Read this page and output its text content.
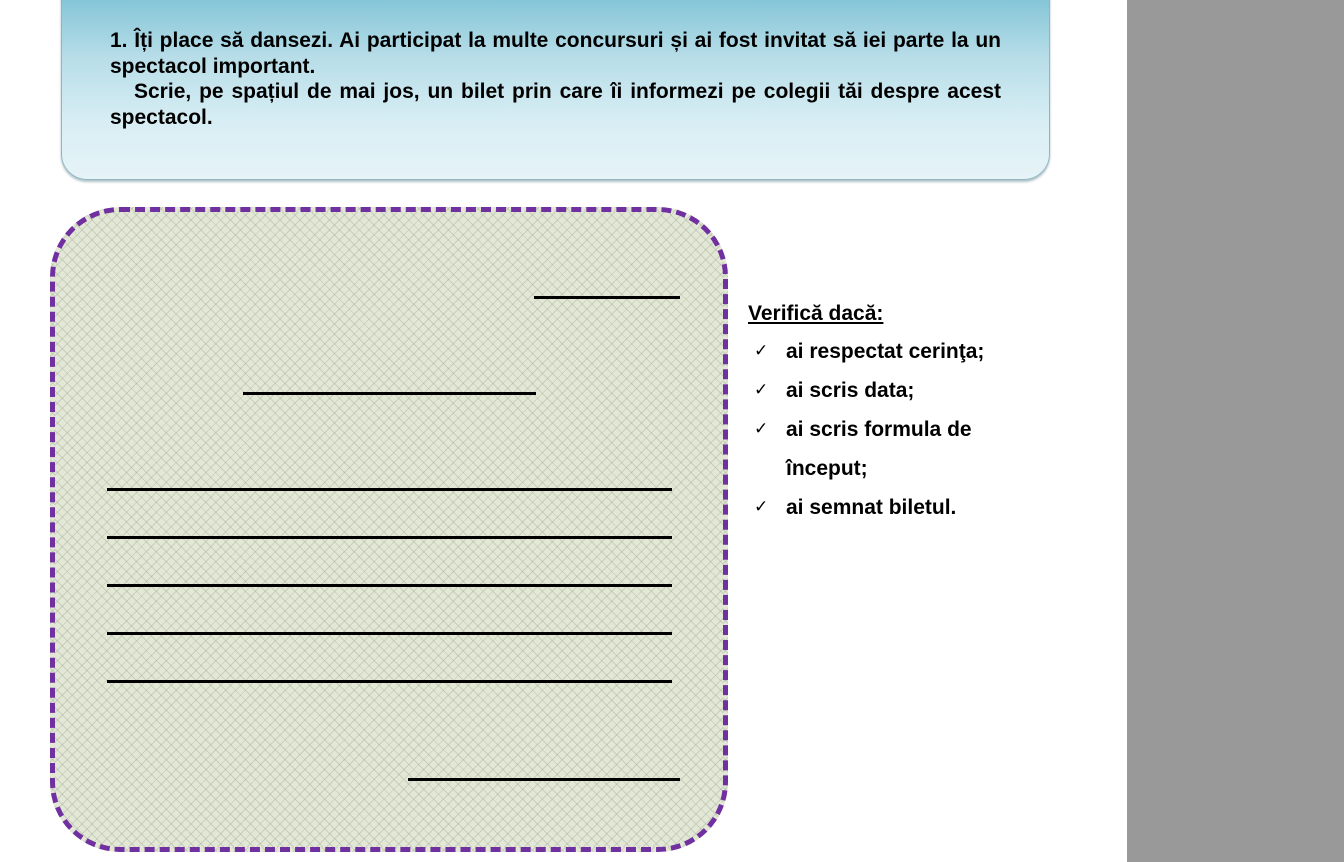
1. Îți place să dansezi. Ai participat la multe concursuri și ai fost invitat să iei parte la un spectacol important.

Scrie, pe spațiul de mai jos, un bilet prin care îi informezi pe colegii tăi despre acest spectacol.

Verifică dacă:
✓ ai respectat cerinţa;
✓ ai scris data;
✓ ai scris formula de început;
✓ ai semnat biletul.
